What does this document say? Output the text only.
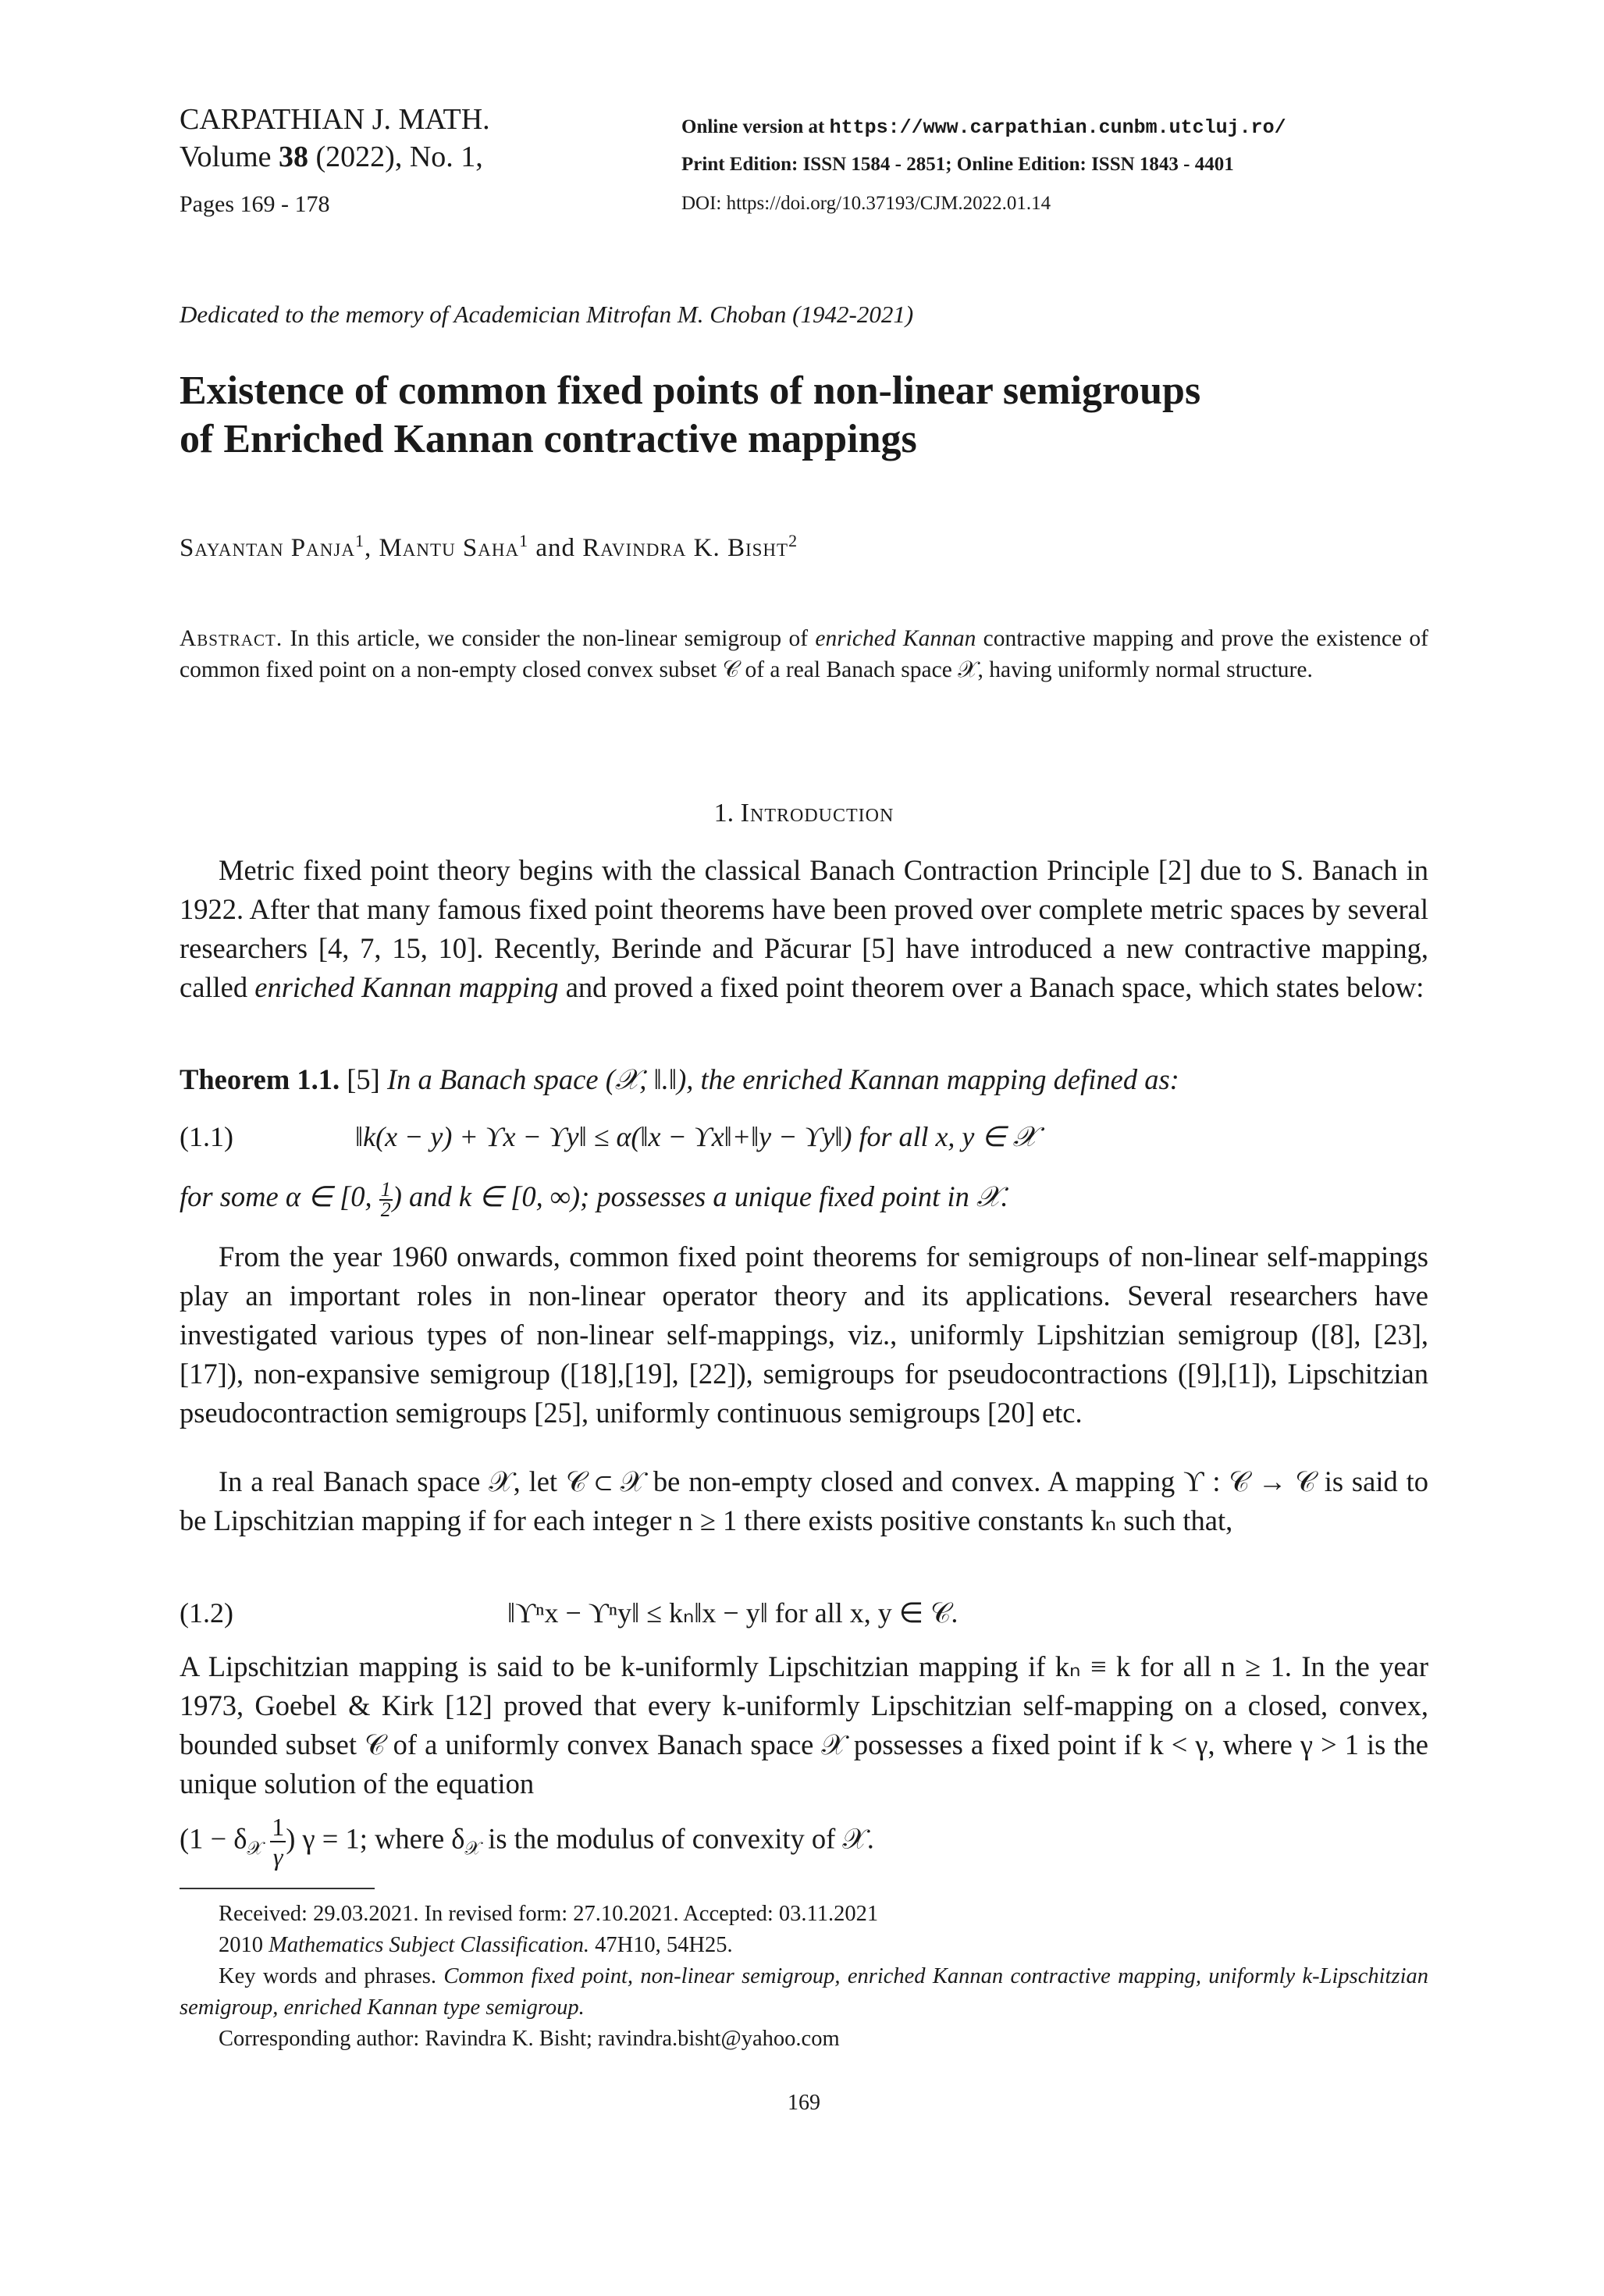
CARPATHIAN J. MATH.
Volume 38 (2022), No. 1,
Pages 169 - 178
Online version at https://www.carpathian.cunbm.utcluj.ro/
Print Edition: ISSN 1584 - 2851; Online Edition: ISSN 1843 - 4401
DOI: https://doi.org/10.37193/CJM.2022.01.14
Dedicated to the memory of Academician Mitrofan M. Choban (1942-2021)
Existence of common fixed points of non-linear semigroups
of Enriched Kannan contractive mappings
Sayantan Panja$^1$, Mantu Saha$^1$ and Ravindra K. Bisht$^2$
Abstract. In this article, we consider the non-linear semigroup of enriched Kannan contractive mapping and prove the existence of common fixed point on a non-empty closed convex subset 𝒞 of a real Banach space 𝒳, having uniformly normal structure.
1. Introduction
Metric fixed point theory begins with the classical Banach Contraction Principle [2] due to S. Banach in 1922. After that many famous fixed point theorems have been proved over complete metric spaces by several researchers [4, 7, 15, 10]. Recently, Berinde and Păcurar [5] have introduced a new contractive mapping, called enriched Kannan mapping and proved a fixed point theorem over a Banach space, which states below:
Theorem 1.1. [5] In a Banach space (𝒳, ‖.‖), the enriched Kannan mapping defined as:
(1.1)	‖k(x − y) + ϒx − ϒy‖ ≤ α(‖x − ϒx‖+‖y − ϒy‖) for all x, y ∈ 𝒳
for some α ∈ [0, $\frac{1}{2}$ ) and k ∈ [0, ∞); possesses a unique fixed point in 𝒳.
From the year 1960 onwards, common fixed point theorems for semigroups of non-linear self-mappings play an important roles in non-linear operator theory and its applications. Several researchers have investigated various types of non-linear self-mappings, viz., uniformly Lipshitzian semigroup ([8], [23],[17]), non-expansive semigroup ([18],[19], [22]), semigroups for pseudocontractions ([9],[1]), Lipschitzian pseudocontraction semigroups [25], uniformly continuous semigroups [20] etc.
In a real Banach space 𝒳, let 𝒞 ⊂ 𝒳 be non-empty closed and convex. A mapping ϒ : 𝒞 → 𝒞 is said to be Lipschitzian mapping if for each integer n ≥ 1 there exists positive constants kₙ such that,
(1.2)	‖ϒⁿx − ϒⁿy‖ ≤ kₙ‖x − y‖ for all x, y ∈ 𝒞.
A Lipschitzian mapping is said to be k-uniformly Lipschitzian mapping if kₙ ≡ k for all n ≥ 1. In the year 1973, Goebel & Kirk [12] proved that every k-uniformly Lipschitzian self-mapping on a closed, convex, bounded subset 𝒞 of a uniformly convex Banach space 𝒳 possesses a fixed point if k < γ, where γ > 1 is the unique solution of the equation
($1 - \delta_𝒳 \frac{1}{\gamma}$ ) γ = 1; where $\delta_𝒳$ is the modulus of convexity of 𝒳.
Received: 29.03.2021. In revised form: 27.10.2021. Accepted: 03.11.2021
2010 Mathematics Subject Classification. 47H10, 54H25.
Key words and phrases. Common fixed point, non-linear semigroup, enriched Kannan contractive mapping, uniformly k-Lipschitzian semigroup, enriched Kannan type semigroup.
Corresponding author: Ravindra K. Bisht; ravindra.bisht@yahoo.com
169
